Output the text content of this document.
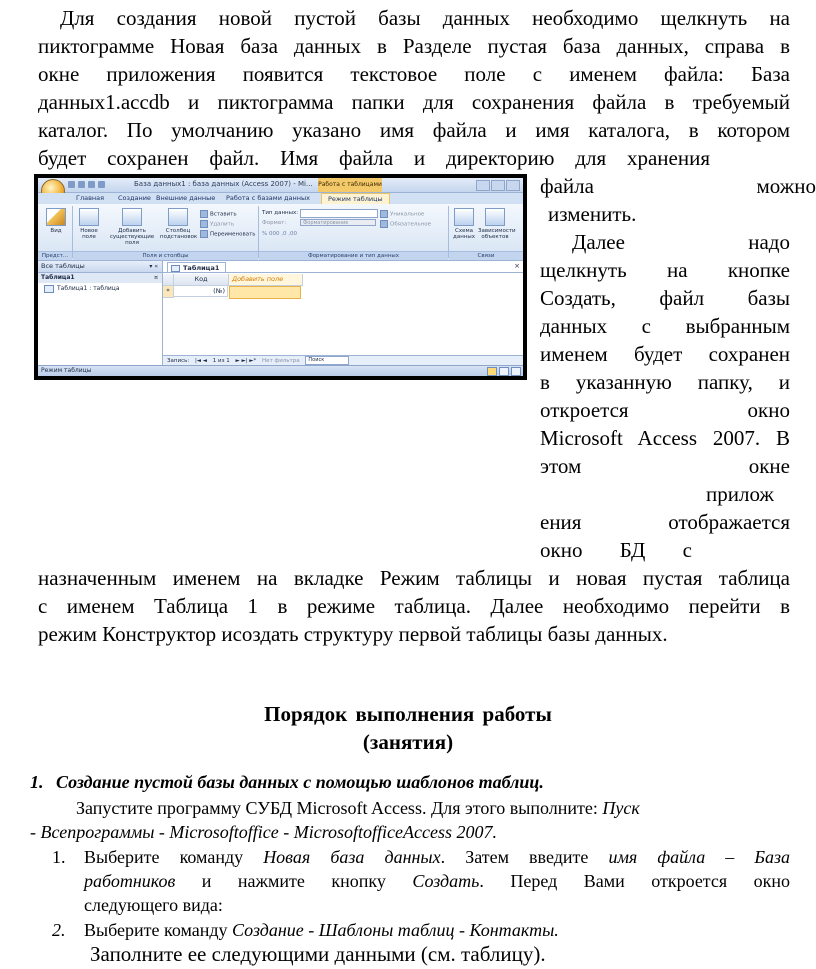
Для создания новой пустой базы данных необходимо щелкнуть на
пиктограмме Новая база данных в Разделе пустая база данных, справа в
окне приложения появится текстовое поле с именем файла: База
данных1.accdb и пиктограмма папки для сохранения файла в требуемый
каталог. По умолчанию указано имя файла и имя каталога, в котором
будет сохранен файл. Имя файла и директорию для хранения
База данных1 : база данных (Access 2007) - Mi... Работа с таблицами
Главная Создание Внешние данные Работа с базами данных	Режим таблицы
Вид	Новое поле
Добавить существующие поля
Столбец подстановок
Вставить
Удалить
Переименовать
Тип данных:
Формат:	Форматирование
% 000 ,0 ,00
Уникальное
Обязательное
Схема данных
Зависимости объектов
Предст...	Поля и столбцы	Форматирование и тип данных	Связи
Все таблицы	▾ «
Таблица1	¤
Таблица1 : таблица
Таблица1	×
Код	Добавить поле
*	(№)
Запись: |◄ ◄ 1 из 1 ► ►| ►* Нет фильтра Поиск
Режим таблицы
файла можно
изменить.
Далее надо
щелкнуть на кнопке
Создать, файл базы
данных с выбранным
именем будет сохранен
в указанную папку, и
откроется окно
Microsoft Access 2007. В
этом окне
прилож
ения отображается
окно БД с
назначенным именем на вкладке Режим таблицы и новая пустая таблица
с именем Таблица 1 в режиме таблица. Далее необходимо перейти в
режим Конструктор исоздать структуру первой таблицы базы данных.
Порядок выполнения работы
(занятия)
1. Создание пустой базы данных с помощью шаблонов таблиц.
Запустите программу СУБД Microsoft Access. Для этого выполните: Пуск
- Всепрограммы - Microsoftoffice - MicrosoftofficeAccess 2007.
1. Выберите команду Новая база данных. Затем введите имя файла – База
работников и нажмите кнопку Создать. Перед Вами откроется окно
следующего вида:
2. Выберите команду Создание - Шаблоны таблиц - Контакты.
Заполните ее следующими данными (см. таблицу).
